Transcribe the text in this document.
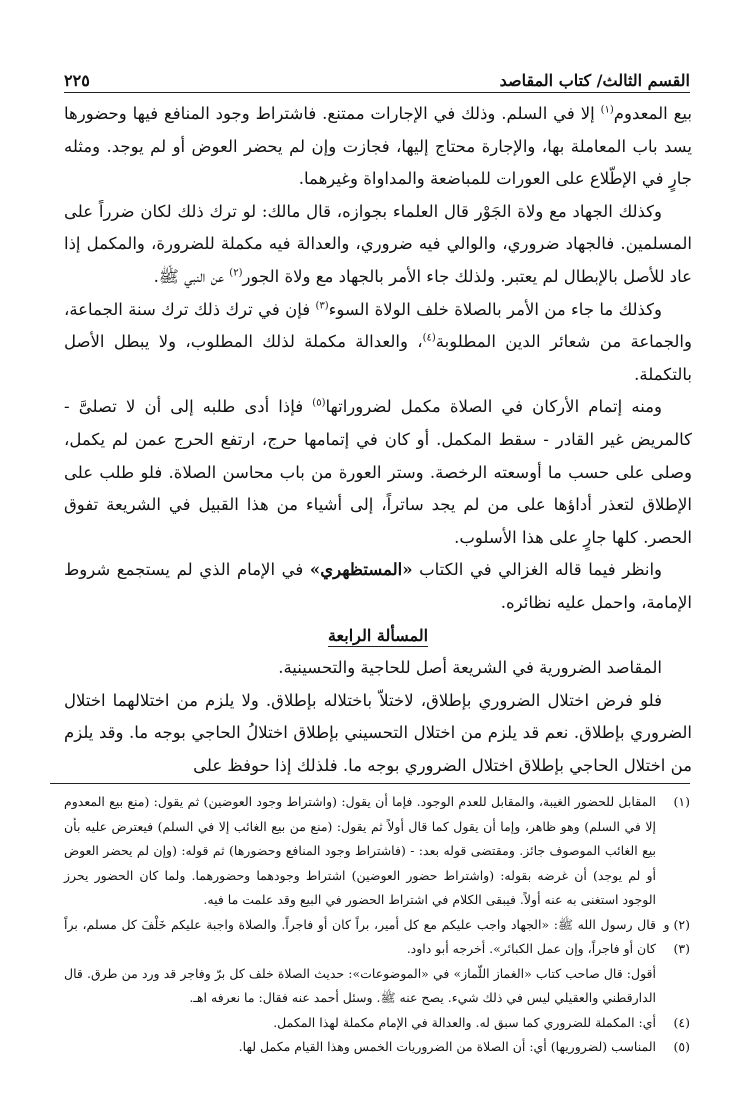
القسم الثالث/ كتاب المقاصد
٢٢٥

بيع المعدوم$^{(١)}$ إلا في السلم. وذلك في الإجارات ممتنع. فاشتراط وجود المنافع فيها وحضورها يسد باب المعاملة بها، والإجارة محتاج إليها، فجازت وإن لم يحضر العوض أو لم يوجد. ومثله جارٍ في الإطّلاع على العورات للمباضعة والمداواة وغيرهما.

وكذلك الجهاد مع ولاة الجَوْر قال العلماء بجوازه، قال مالك: لو ترك ذلك لكان ضرراً على المسلمين. فالجهاد ضروري، والوالي فيه ضروري، والعدالة فيه مكملة للضرورة، والمكمل إذا عاد للأصل بالإبطال لم يعتبر. ولذلك جاء الأمر بالجهاد مع ولاة الجور$^{(٢)}$ عن النبي ﷺ.

وكذلك ما جاء من الأمر بالصلاة خلف الولاة السوء$^{(٣)}$ فإن في ترك ذلك ترك سنة الجماعة، والجماعة من شعائر الدين المطلوبة$^{(٤)}$، والعدالة مكملة لذلك المطلوب، ولا يبطل الأصل بالتكملة.

ومنه إتمام الأركان في الصلاة مكمل لضروراتها$^{(٥)}$ فإذا أدى طلبه إلى أن لا تصلىَّ - كالمريض غير القادر - سقط المكمل. أو كان في إتمامها حرج، ارتفع الحرج عمن لم يكمل، وصلى على حسب ما أوسعته الرخصة. وستر العورة من باب محاسن الصلاة. فلو طلب على الإطلاق لتعذر أداؤها على من لم يجد ساتراً، إلى أشياء من هذا القبيل في الشريعة تفوق الحصر. كلها جارٍ على هذا الأسلوب.

وانظر فيما قاله الغزالي في الكتاب «المستظهري» في الإمام الذي لم يستجمع شروط الإمامة، واحمل عليه نظائره.

المسألة الرابعة

المقاصد الضرورية في الشريعة أصل للحاجية والتحسينية.

فلو فرض اختلال الضروري بإطلاق، لاختلاّ باختلاله بإطلاق. ولا يلزم من اختلالهما اختلال الضروري بإطلاق. نعم قد يلزم من اختلال التحسيني بإطلاق اختلالُ الحاجي بوجه ما. وقد يلزم من اختلال الحاجي بإطلاق اختلال الضروري بوجه ما. فلذلك إذا حوفظ على

(١)

المقابل للحضور الغيبة، والمقابل للعدم الوجود. فإما أن يقول: (واشتراط وجود العوضين) ثم يقول: (منع بيع المعدوم إلا في السلم) وهو ظاهر، وإما أن يقول كما قال أولاً ثم يقول: (منع من بيع الغائب إلا في السلم) فيعترض عليه بأن بيع الغائب الموصوف جائز. ومقتضى قوله بعد: - (فاشتراط وجود المنافع وحضورها) ثم قوله: (وإن لم يحضر العوض أو لم يوجد) أن غرضه بقوله: (واشتراط حضور العوضين) اشتراط وجودهما وحضورهما. ولما كان الحضور يحرز الوجود استغنى به عنه أولاً. فيبقى الكلام في اشتراط الحضور في البيع وقد علمت ما فيه.

(٢) و (٣)

قال رسول الله ﷺ: «الجهاد واجب عليكم مع كل أمير، براً كان أو فاجراً. والصلاة واجبة عليكم خَلْفَ كل مسلم، براً كان أو فاجراً، وإن عمل الكبائر». أخرجه أبو داود.

أقول: قال صاحب كتاب «الغماز اللّماز» في «الموضوعات»: حديث الصلاة خلف كل برّ وفاجر قد ورد من طرق. قال الدارقطني والعقيلي ليس في ذلك شيء. يصح عنه ﷺ. وسئل أحمد عنه فقال: ما نعرفه اهـ.

(٤)

أي: المكملة للضروري كما سبق له. والعدالة في الإمام مكملة لهذا المكمل.

(٥)

المناسب (لضروريها) أي: أن الصلاة من الضروريات الخمس وهذا القيام مكمل لها.
